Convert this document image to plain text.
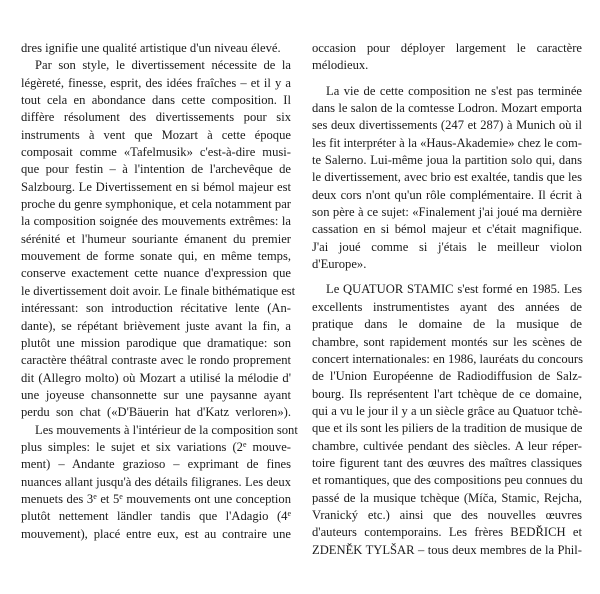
dres ignifie une qualité artistique d'un niveau élevé.
Par son style, le divertissement nécessite de la
légèreté, finesse, esprit, des idées fraîches – et il y a
tout cela en abondance dans cette composition. Il
diffère résolument des divertissements pour six
instruments à vent que Mozart à cette époque
composait comme «Tafelmusik» c'est-à-dire musi-
que pour festin – à l'intention de l'archevêque de
Salzbourg. Le Divertissement en si bémol majeur est
proche du genre symphonique, et cela notamment par
la composition soignée des mouvements extrêmes: la
sérénité et l'humeur souriante émanent du premier
mouvement de forme sonate qui, en même temps,
conserve exactement cette nuance d'expression que
le divertissement doit avoir. Le finale bithématique est
intéressant: son introduction récitative lente (An-
dante), se répétant brièvement juste avant la fin, a
plutôt une mission parodique que dramatique: son
caractère théâtral contraste avec le rondo proprement
dit (Allegro molto) où Mozart a utilisé la mélodie d'
une joyeuse chansonnette sur une paysanne ayant
perdu son chat («D'Bäuerin hat d'Katz verloren»).
Les mouvements à l'intérieur de la composition sont
plus simples: le sujet et six variations (2e mouve-
ment) – Andante grazioso – exprimant de fines
nuances allant jusqu'à des détails filigranes. Les deux
menuets des 3e et 5e mouvements ont une conception
plutôt nettement ländler tandis que l'Adagio (4e
mouvement), placé entre eux, est au contraire une
occasion pour déployer largement le caractère
mélodieux.
La vie de cette composition ne s'est pas terminée
dans le salon de la comtesse Lodron. Mozart emporta
ses deux divertissements (247 et 287) à Munich où il
les fit interpréter à la «Haus-Akademie» chez le com-
te Salerno. Lui-même joua la partition solo qui, dans
le divertissement, avec brio est exaltée, tandis que les
deux cors n'ont qu'un rôle complémentaire. Il écrit à
son père à ce sujet: «Finalement j'ai joué ma dernière
cassation en si bémol majeur et c'était magnifique.
J'ai joué comme si j'étais le meilleur violon
d'Europe».
Le QUATUOR STAMIC s'est formé en 1985. Les
excellents instrumentistes ayant des années de
pratique dans le domaine de la musique de
chambre, sont rapidement montés sur les scènes de
concert internationales: en 1986, lauréats du concours
de l'Union Européenne de Radiodiffusion de Salz-
bourg. Ils représentent l'art tchèque de ce domaine,
qui a vu le jour il y a un siècle grâce au Quatuor tchè-
que et ils sont les piliers de la tradition de musique de
chambre, cultivée pendant des siècles. A leur réper-
toire figurent tant des œuvres des maîtres classiques
et romantiques, que des compositions peu connues du
passé de la musique tchèque (Míča, Stamic, Rejcha,
Vranický etc.) ainsi que des nouvelles œuvres
d'auteurs contemporains. Les frères BEDŘICH et
ZDENĚK TYLŠAR – tous deux membres de la Phil-
